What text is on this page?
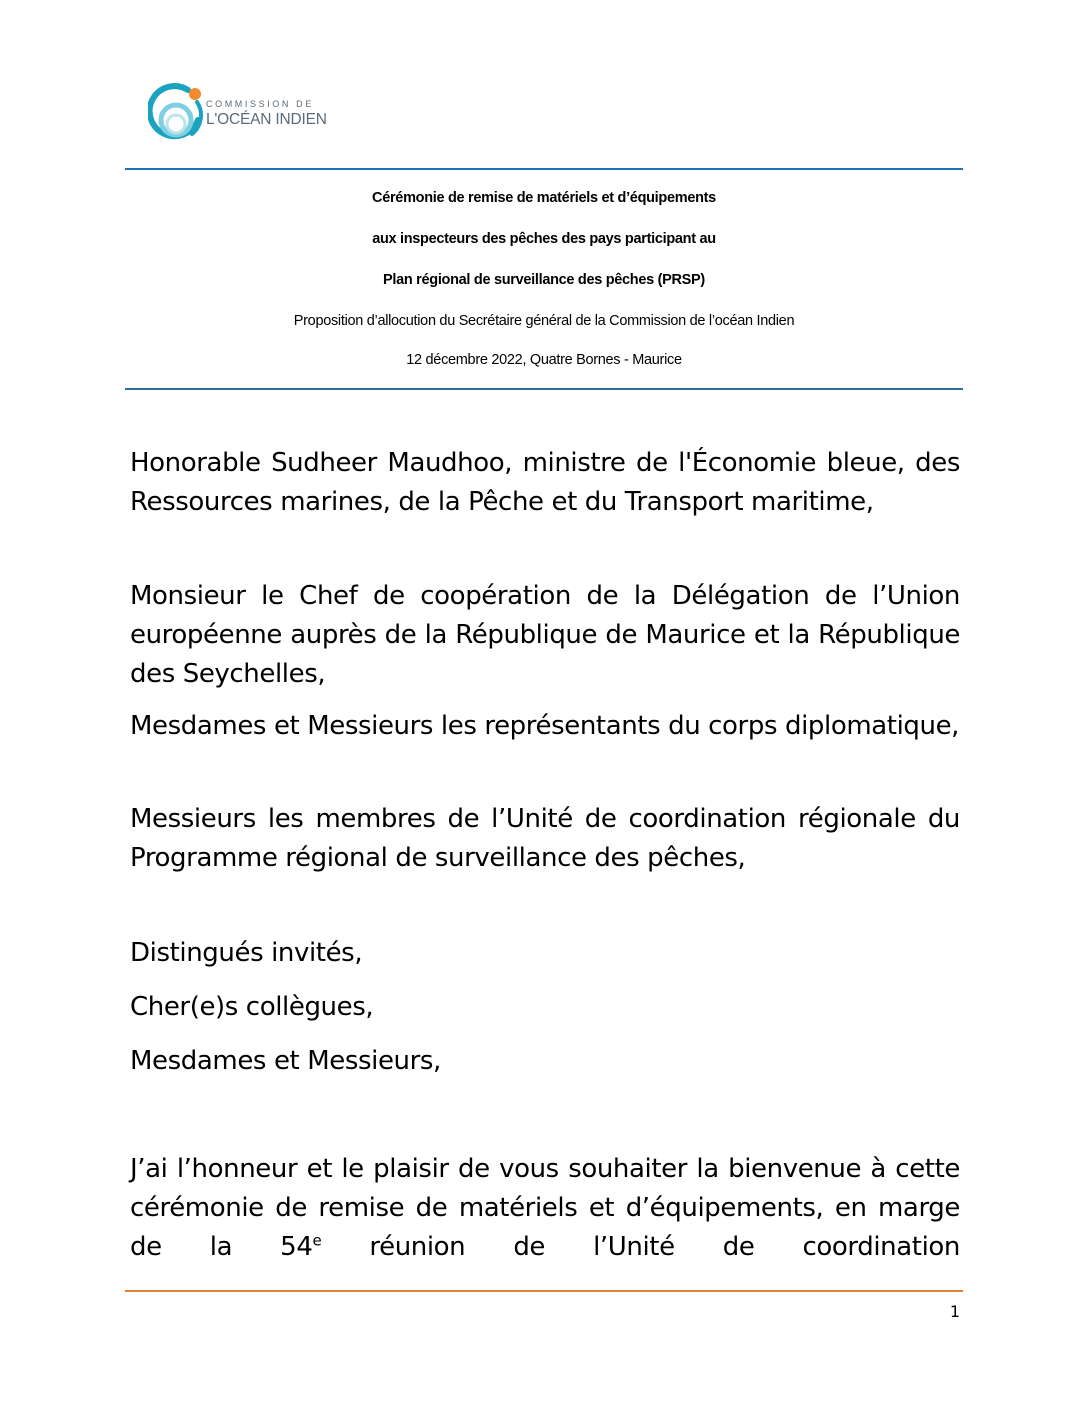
COMMISSION DE
L'OCÉAN INDIEN
Cérémonie de remise de matériels et d’équipements
aux inspecteurs des pêches des pays participant au
Plan régional de surveillance des pêches (PRSP)
Proposition d’allocution du Secrétaire général de la Commission de l’océan Indien
12 décembre 2022, Quatre Bornes - Maurice

Honorable Sudheer Maudhoo, ministre de l'Économie bleue, des Ressources marines, de la Pêche et du Transport maritime,

Monsieur le Chef de coopération de la Délégation de l’Union européenne auprès de la République de Maurice et la République des Seychelles,

Mesdames et Messieurs les représentants du corps diplomatique,

Messieurs les membres de l’Unité de coordination régionale du Programme régional de surveillance des pêches,

Distingués invités,

Cher(e)s collègues,

Mesdames et Messieurs,

J’ai l’honneur et le plaisir de vous souhaiter la bienvenue à cette cérémonie de remise de matériels et d’équipements, en marge de la 54e réunion de l’Unité de coordination

1
